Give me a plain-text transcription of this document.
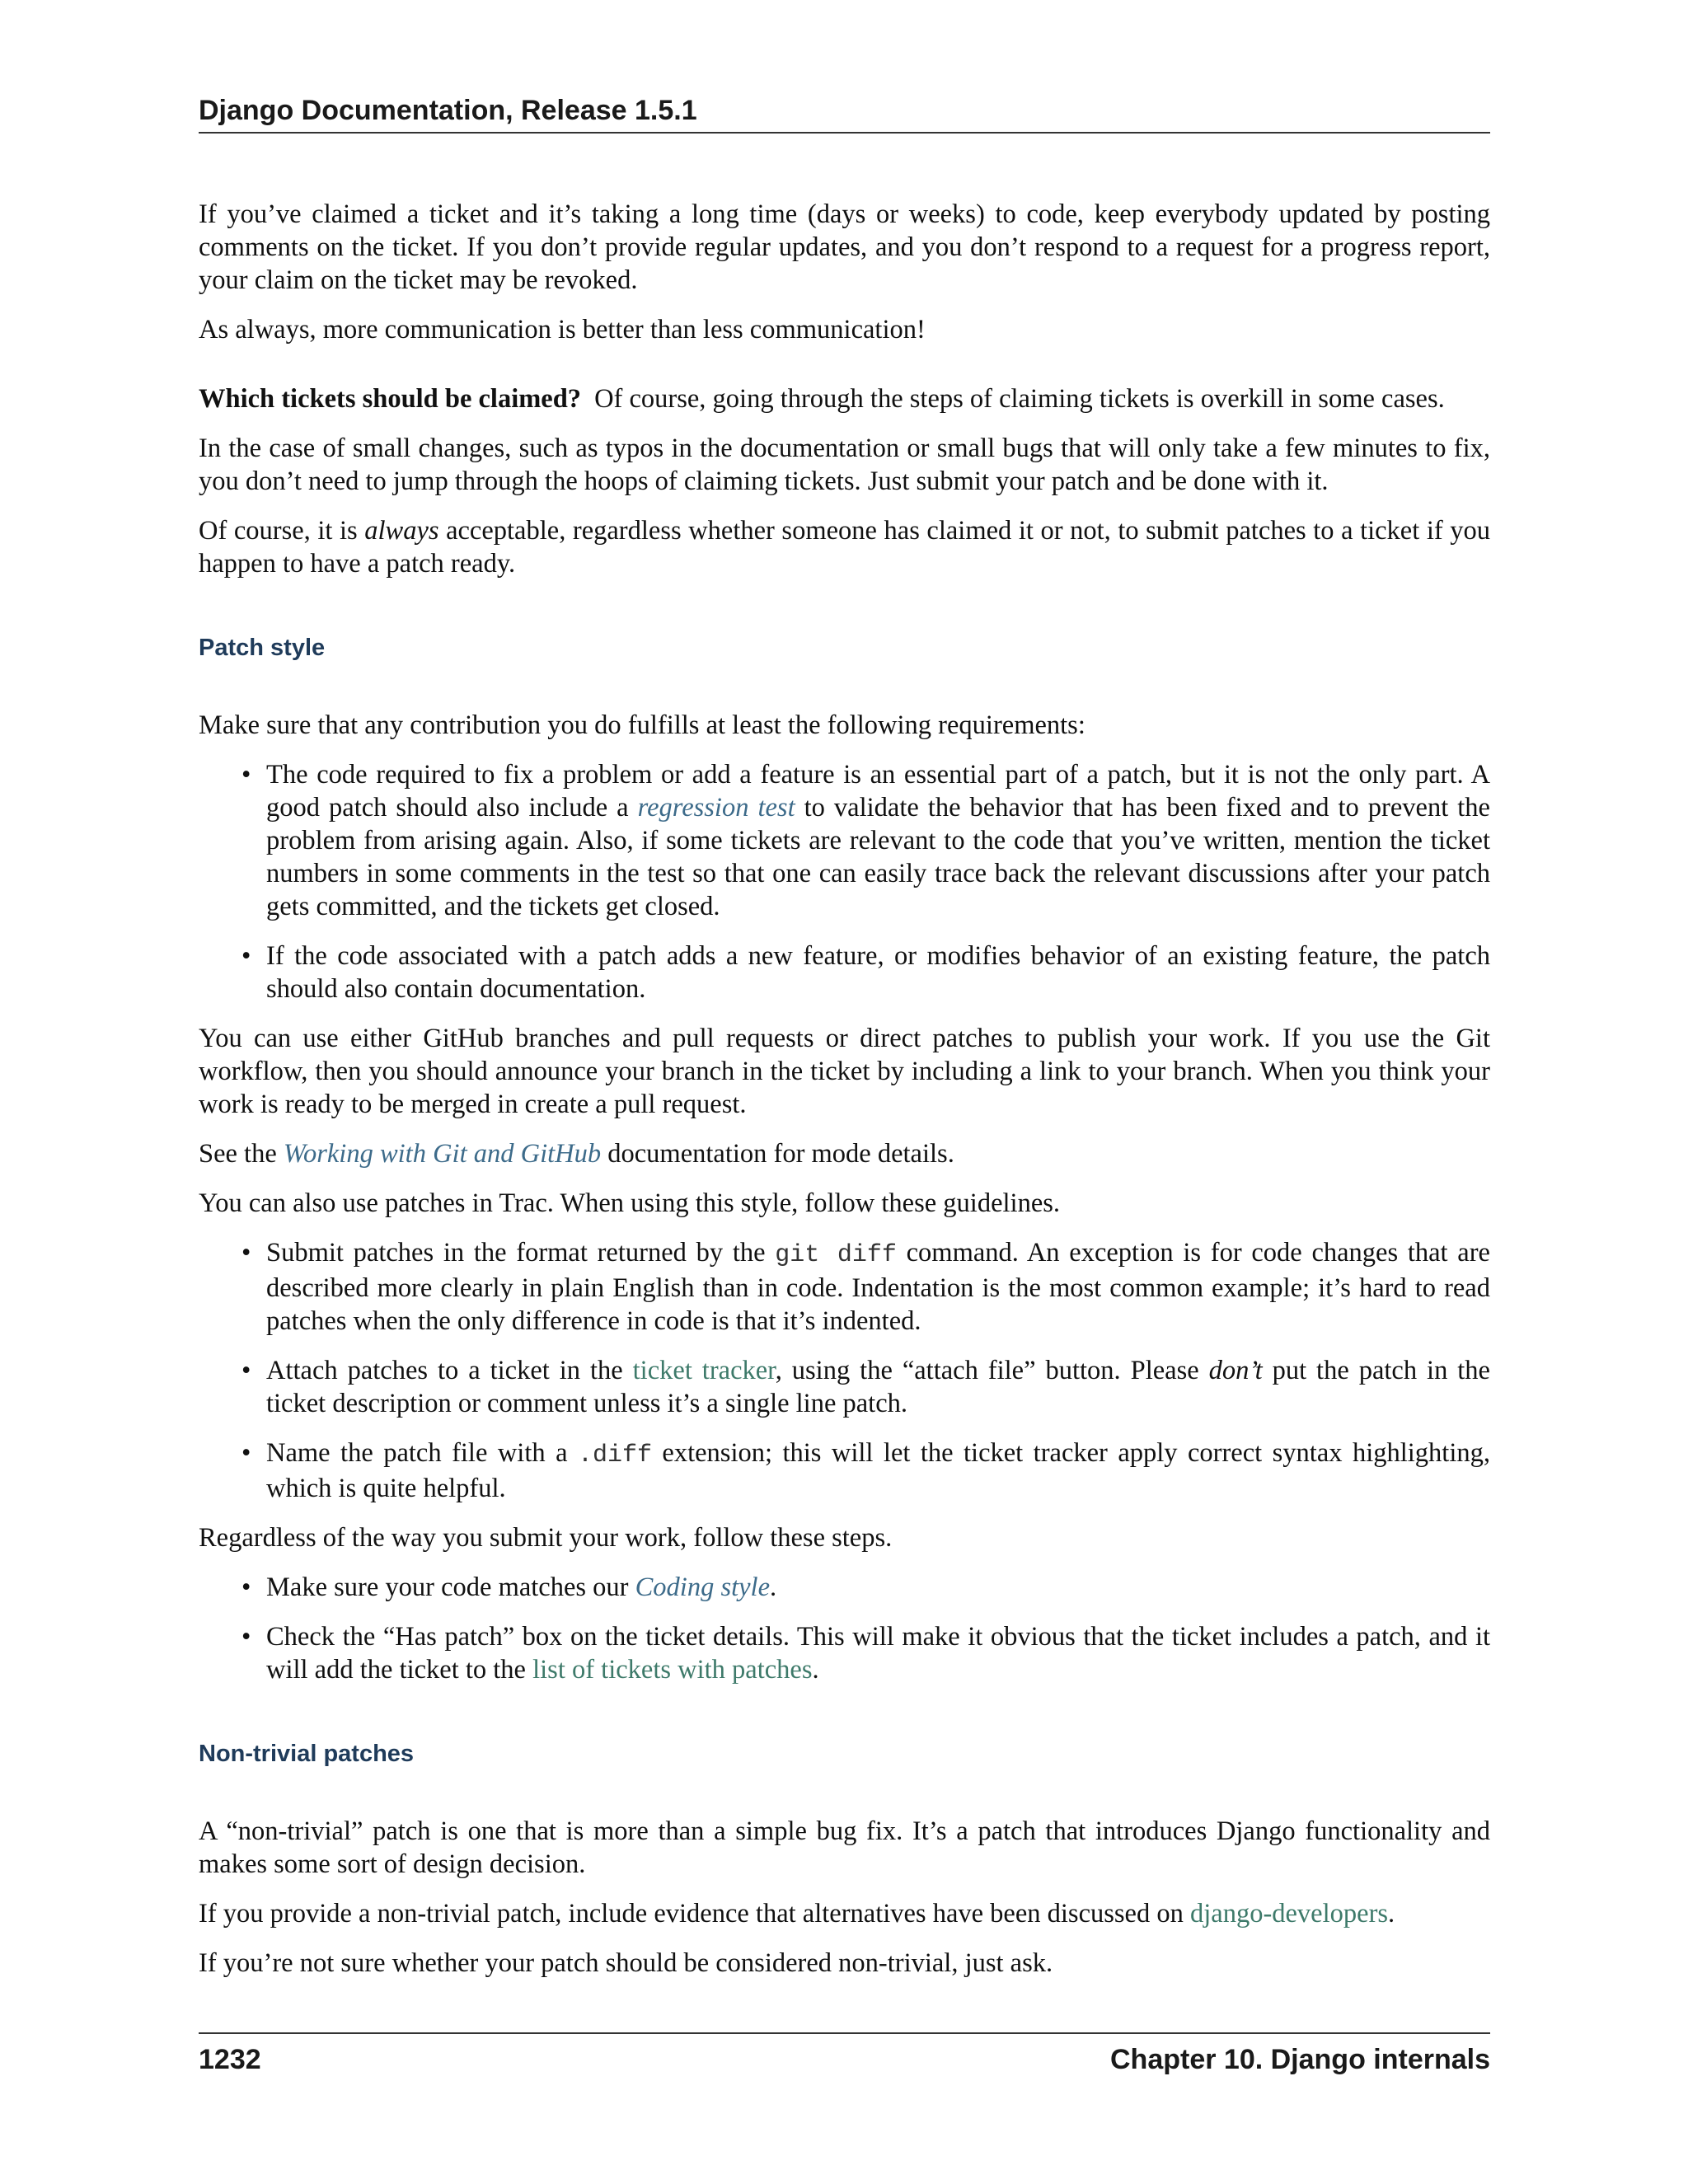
Django Documentation, Release 1.5.1

If you’ve claimed a ticket and it’s taking a long time (days or weeks) to code, keep everybody updated by posting comments on the ticket. If you don’t provide regular updates, and you don’t respond to a request for a progress report, your claim on the ticket may be revoked.

As always, more communication is better than less communication!

Which tickets should be claimed? Of course, going through the steps of claiming tickets is overkill in some cases.

In the case of small changes, such as typos in the documentation or small bugs that will only take a few minutes to fix, you don’t need to jump through the hoops of claiming tickets. Just submit your patch and be done with it.

Of course, it is always acceptable, regardless whether someone has claimed it or not, to submit patches to a ticket if you happen to have a patch ready.

Patch style

Make sure that any contribution you do fulfills at least the following requirements:

• The code required to fix a problem or add a feature is an essential part of a patch, but it is not the only part. A good patch should also include a regression test to validate the behavior that has been fixed and to prevent the problem from arising again. Also, if some tickets are relevant to the code that you’ve written, mention the ticket numbers in some comments in the test so that one can easily trace back the relevant discussions after your patch gets committed, and the tickets get closed.
• If the code associated with a patch adds a new feature, or modifies behavior of an existing feature, the patch should also contain documentation.

You can use either GitHub branches and pull requests or direct patches to publish your work. If you use the Git workflow, then you should announce your branch in the ticket by including a link to your branch. When you think your work is ready to be merged in create a pull request.

See the Working with Git and GitHub documentation for mode details.

You can also use patches in Trac. When using this style, follow these guidelines.

• Submit patches in the format returned by the git diff command. An exception is for code changes that are described more clearly in plain English than in code. Indentation is the most common example; it’s hard to read patches when the only difference in code is that it’s indented.
• Attach patches to a ticket in the ticket tracker, using the “attach file” button. Please don’t put the patch in the ticket description or comment unless it’s a single line patch.
• Name the patch file with a .diff extension; this will let the ticket tracker apply correct syntax highlighting, which is quite helpful.

Regardless of the way you submit your work, follow these steps.

• Make sure your code matches our Coding style.
• Check the “Has patch” box on the ticket details. This will make it obvious that the ticket includes a patch, and it will add the ticket to the list of tickets with patches.
Non-trivial patches

A “non-trivial” patch is one that is more than a simple bug fix. It’s a patch that introduces Django functionality and makes some sort of design decision.

If you provide a non-trivial patch, include evidence that alternatives have been discussed on django-developers.

If you’re not sure whether your patch should be considered non-trivial, just ask.

1232	Chapter 10. Django internals
